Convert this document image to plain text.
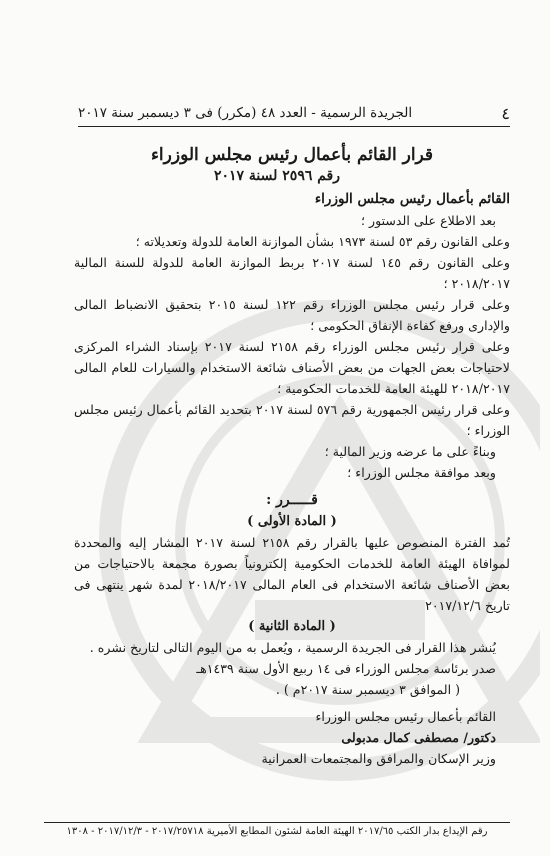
٤
الجريدة الرسمية - العدد ٤٨ (مكرر) فى ٣ ديسمبر سنة ٢٠١٧
قرار القائم بأعمال رئيس مجلس الوزراء
رقم ٢٥٩٦ لسنة ٢٠١٧
القائم بأعمال رئيس مجلس الوزراء

بعد الاطلاع على الدستور ؛

وعلى القانون رقم ٥٣ لسنة ١٩٧٣ بشأن الموازنة العامة للدولة وتعديلاته ؛

وعلى القانون رقم ١٤٥ لسنة ٢٠١٧ بربط الموازنة العامة للدولة للسنة المالية ٢٠١٨/٢٠١٧ ؛

وعلى قرار رئيس مجلس الوزراء رقم ١٢٢ لسنة ٢٠١٥ بتحقيق الانضباط المالى والإدارى ورفع كفاءة الإنفاق الحكومى ؛

وعلى قرار رئيس مجلس الوزراء رقم ٢١٥٨ لسنة ٢٠١٧ بإسناد الشراء المركزى لاحتياجات بعض الجهات من بعض الأصناف شائعة الاستخدام والسيارات للعام المالى ٢٠١٨/٢٠١٧ للهيئة العامة للخدمات الحكومية ؛

وعلى قرار رئيس الجمهورية رقم ٥٧٦ لسنة ٢٠١٧ بتحديد القائم بأعمال رئيس مجلس الوزراء ؛

وبناءً على ما عرضه وزير المالية ؛

وبعد موافقة مجلس الوزراء ؛

قـــــرر :
( المادة الأولى )

تُمد الفترة المنصوص عليها بالقرار رقم ٢١٥٨ لسنة ٢٠١٧ المشار إليه والمحددة لموافاة الهيئة العامة للخدمات الحكومية إلكترونياً بصورة مجمعة بالاحتياجات من بعض الأصناف شائعة الاستخدام فى العام المالى ٢٠١٨/٢٠١٧ لمدة شهر ينتهى فى تاريخ ٢٠١٧/١٢/٦

( المادة الثانية )

يُنشر هذا القرار فى الجريدة الرسمية ، ويُعمل به من اليوم التالى لتاريخ نشره .

صدر برئاسة مجلس الوزراء فى ١٤ ربيع الأول سنة ١٤٣٩هـ

( الموافق ٣ ديسمبر سنة ٢٠١٧م ) .

القائم بأعمال رئيس مجلس الوزراء

دكتور/ مصطفى كمال مدبولى

وزير الإسكان والمرافق والمجتمعات العمرانية

رقم الإيداع بدار الكتب ٢٠١٧/٦٥ الهيئة العامة لشئون المطابع الأميرية ٢٠١٧/٢٥٧١٨ - ٢٠١٧/١٢/٣ - ١٣٠٨
